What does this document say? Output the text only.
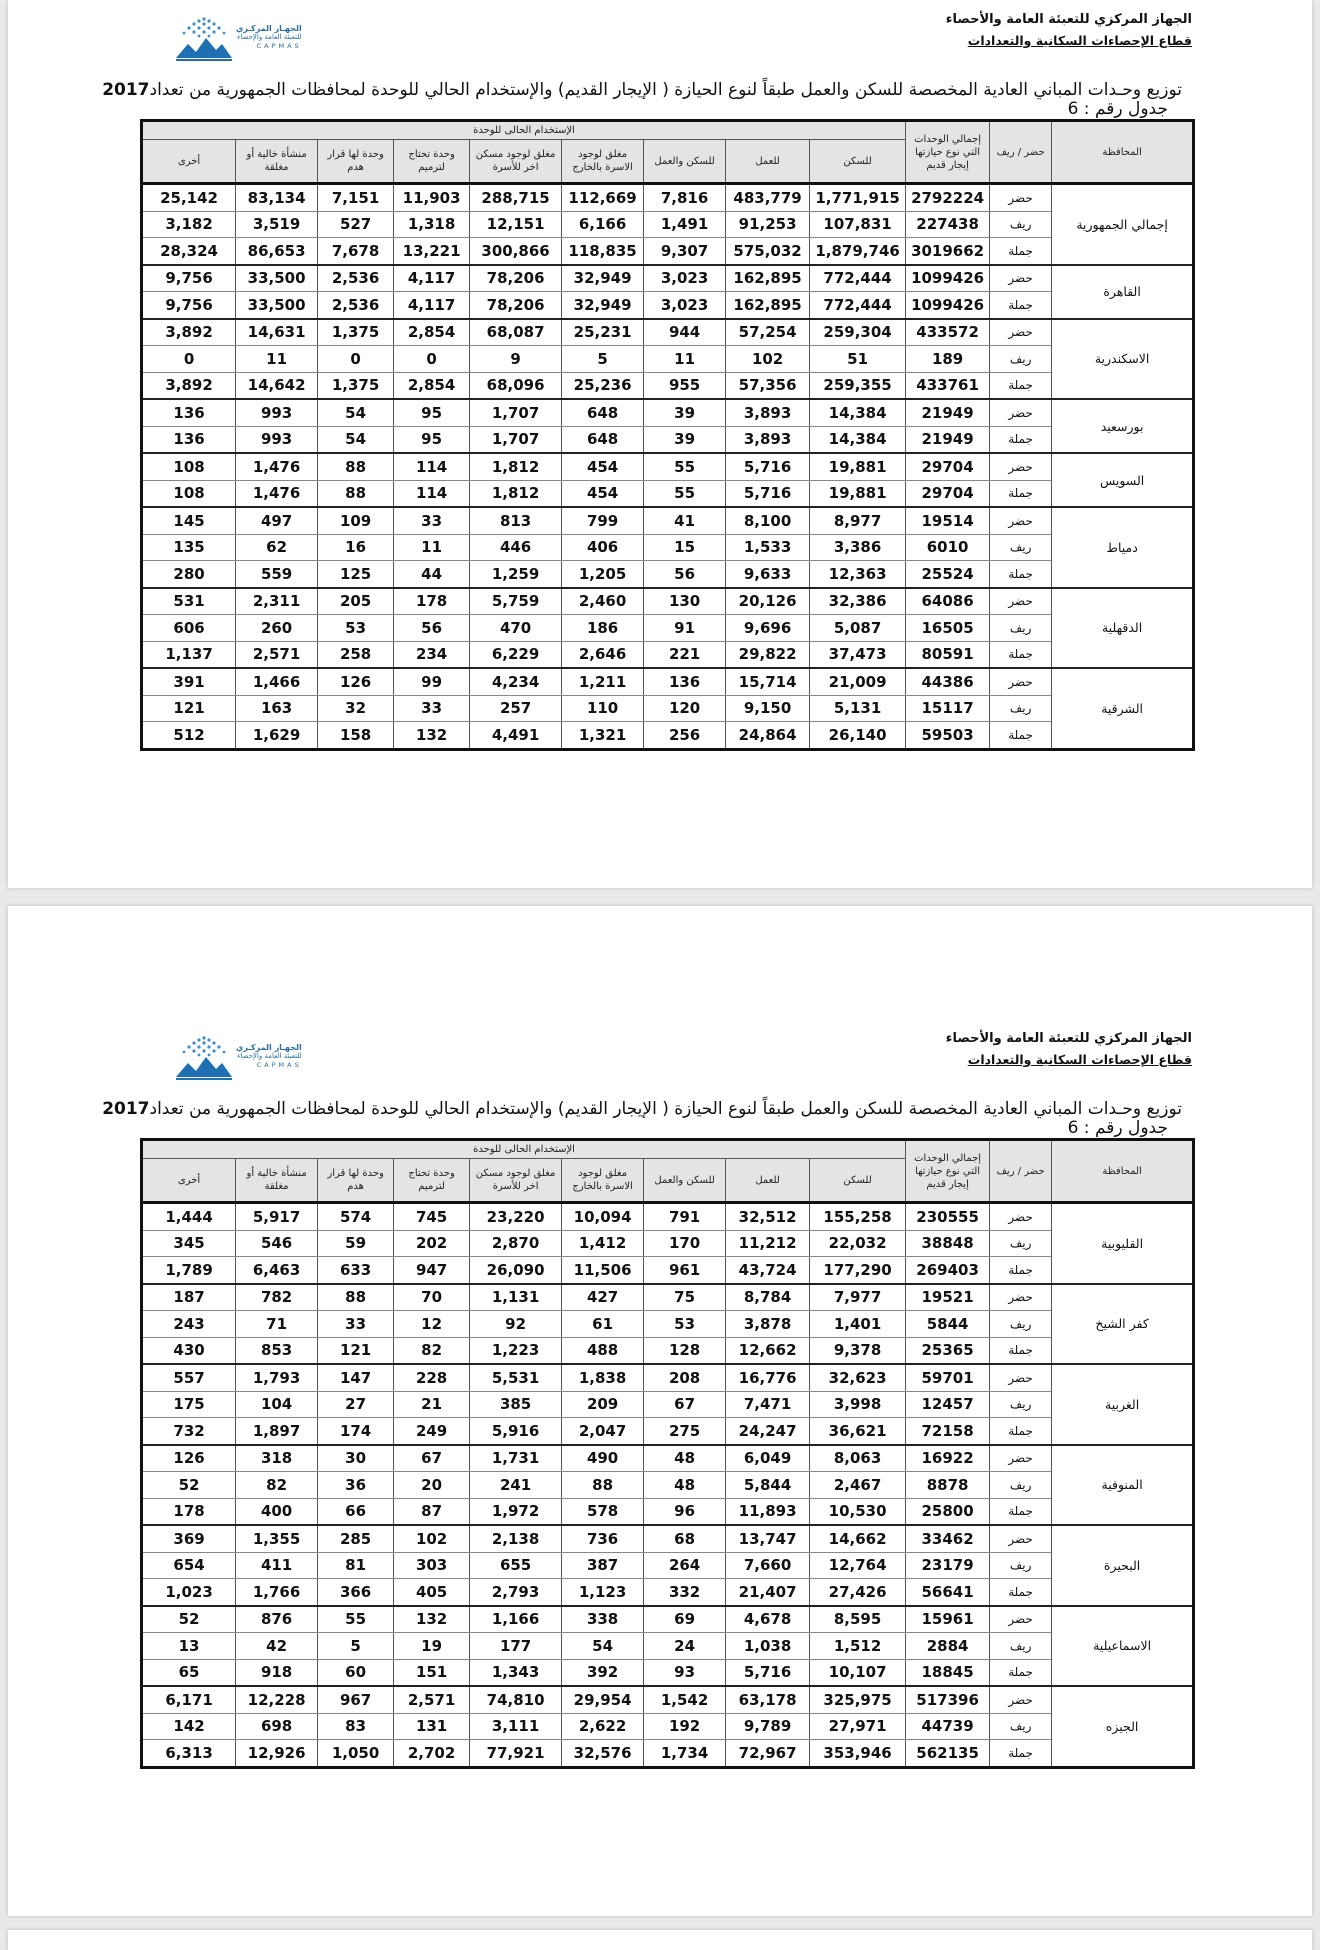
الجهـاز المركـزي
للتعبئة العامة والإحصاء
CAPMAS
الجهاز المركزي للتعبئة العامة والأحصاء
قطاع الإحصاءات السكانية والتعدادات
توزيع وحـدات المباني العادية المخصصة للسكن والعمل طبقاً لنوع الحيازة ( الإيجار القديم) والإستخدام الحالي للوحدة لمحافظات الجمهورية من تعداد2017
جدول رقم : 6
المحافظة	حضر / ريف	إجمالي الوحدات التي نوع حيازتها إيجار قديم	الإستخدام الحالى للوحدة								
			للسكن	للعمل	للسكن والعمل	مغلق لوجود الاسرة بالخارج	مغلق لوجود مسكن اخر للأسرة	وحدة تحتاج لترميم	وحدة لها قرار هدم	منشأة خالية أو مغلقة	أخرى
إجمالي الجمهورية	حضر	2792224	1,771,915	483,779	7,816	112,669	288,715	11,903	7,151	83,134	25,142
	ريف	227438	107,831	91,253	1,491	6,166	12,151	1,318	527	3,519	3,182
	جملة	3019662	1,879,746	575,032	9,307	118,835	300,866	13,221	7,678	86,653	28,324
القاهرة	حضر	1099426	772,444	162,895	3,023	32,949	78,206	4,117	2,536	33,500	9,756
	جملة	1099426	772,444	162,895	3,023	32,949	78,206	4,117	2,536	33,500	9,756
الاسكندرية	حضر	433572	259,304	57,254	944	25,231	68,087	2,854	1,375	14,631	3,892
	ريف	189	51	102	11	5	9	0	0	11	0
	جملة	433761	259,355	57,356	955	25,236	68,096	2,854	1,375	14,642	3,892
بورسعيد	حضر	21949	14,384	3,893	39	648	1,707	95	54	993	136
	جملة	21949	14,384	3,893	39	648	1,707	95	54	993	136
السويس	حضر	29704	19,881	5,716	55	454	1,812	114	88	1,476	108
	جملة	29704	19,881	5,716	55	454	1,812	114	88	1,476	108
دمياط	حضر	19514	8,977	8,100	41	799	813	33	109	497	145
	ريف	6010	3,386	1,533	15	406	446	11	16	62	135
	جملة	25524	12,363	9,633	56	1,205	1,259	44	125	559	280
الدقهلية	حضر	64086	32,386	20,126	130	2,460	5,759	178	205	2,311	531
	ريف	16505	5,087	9,696	91	186	470	56	53	260	606
	جملة	80591	37,473	29,822	221	2,646	6,229	234	258	2,571	1,137
الشرقية	حضر	44386	21,009	15,714	136	1,211	4,234	99	126	1,466	391
	ريف	15117	5,131	9,150	120	110	257	33	32	163	121
	جملة	59503	26,140	24,864	256	1,321	4,491	132	158	1,629	512
الجهـاز المركـزي
للتعبئة العامة والإحصاء
CAPMAS
الجهاز المركزي للتعبئة العامة والأحصاء
قطاع الإحصاءات السكانية والتعدادات
توزيع وحـدات المباني العادية المخصصة للسكن والعمل طبقاً لنوع الحيازة ( الإيجار القديم) والإستخدام الحالي للوحدة لمحافظات الجمهورية من تعداد2017
جدول رقم : 6
المحافظة	حضر / ريف	إجمالي الوحدات التي نوع حيازتها إيجار قديم	الإستخدام الحالى للوحدة								
			للسكن	للعمل	للسكن والعمل	مغلق لوجود الاسرة بالخارج	مغلق لوجود مسكن اخر للأسرة	وحدة تحتاج لترميم	وحدة لها قرار هدم	منشأة خالية أو مغلقة	أخرى
القليوبية	حضر	230555	155,258	32,512	791	10,094	23,220	745	574	5,917	1,444
	ريف	38848	22,032	11,212	170	1,412	2,870	202	59	546	345
	جملة	269403	177,290	43,724	961	11,506	26,090	947	633	6,463	1,789
كفر الشيخ	حضر	19521	7,977	8,784	75	427	1,131	70	88	782	187
	ريف	5844	1,401	3,878	53	61	92	12	33	71	243
	جملة	25365	9,378	12,662	128	488	1,223	82	121	853	430
الغربية	حضر	59701	32,623	16,776	208	1,838	5,531	228	147	1,793	557
	ريف	12457	3,998	7,471	67	209	385	21	27	104	175
	جملة	72158	36,621	24,247	275	2,047	5,916	249	174	1,897	732
المنوفية	حضر	16922	8,063	6,049	48	490	1,731	67	30	318	126
	ريف	8878	2,467	5,844	48	88	241	20	36	82	52
	جملة	25800	10,530	11,893	96	578	1,972	87	66	400	178
البحيرة	حضر	33462	14,662	13,747	68	736	2,138	102	285	1,355	369
	ريف	23179	12,764	7,660	264	387	655	303	81	411	654
	جملة	56641	27,426	21,407	332	1,123	2,793	405	366	1,766	1,023
الاسماعيلية	حضر	15961	8,595	4,678	69	338	1,166	132	55	876	52
	ريف	2884	1,512	1,038	24	54	177	19	5	42	13
	جملة	18845	10,107	5,716	93	392	1,343	151	60	918	65
الجيزه	حضر	517396	325,975	63,178	1,542	29,954	74,810	2,571	967	12,228	6,171
	ريف	44739	27,971	9,789	192	2,622	3,111	131	83	698	142
	جملة	562135	353,946	72,967	1,734	32,576	77,921	2,702	1,050	12,926	6,313
